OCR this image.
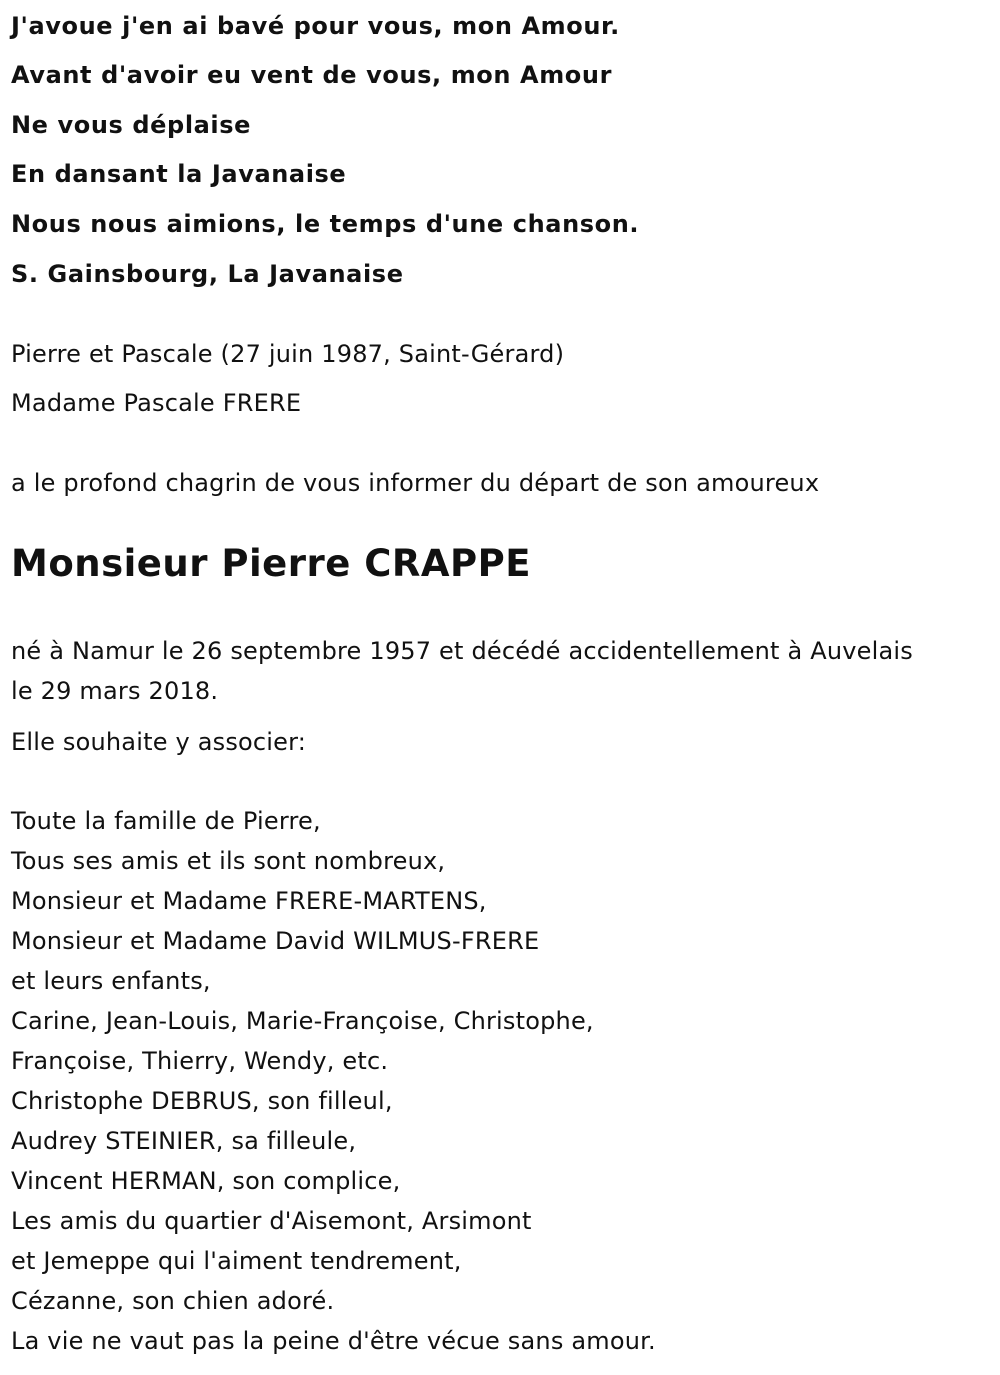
J'avoue j'en ai bavé pour vous, mon Amour.
Avant d'avoir eu vent de vous, mon Amour
Ne vous déplaise
En dansant la Javanaise
Nous nous aimions, le temps d'une chanson.
S. Gainsbourg, La Javanaise
Pierre et Pascale (27 juin 1987, Saint-Gérard)
Madame Pascale FRERE
a le profond chagrin de vous informer du départ de son amoureux
Monsieur Pierre CRAPPE
né à Namur le 26 septembre 1957 et décédé accidentellement à Auvelais
le 29 mars 2018.
Elle souhaite y associer:
Toute la famille de Pierre,
Tous ses amis et ils sont nombreux,
Monsieur et Madame FRERE-MARTENS,
Monsieur et Madame David WILMUS-FRERE
et leurs enfants,
Carine, Jean-Louis, Marie-Françoise, Christophe,
Françoise, Thierry, Wendy, etc.
Christophe DEBRUS, son filleul,
Audrey STEINIER, sa filleule,
Vincent HERMAN, son complice,
Les amis du quartier d'Aisemont, Arsimont
et Jemeppe qui l'aiment tendrement,
Cézanne, son chien adoré.
La vie ne vaut pas la peine d'être vécue sans amour.
